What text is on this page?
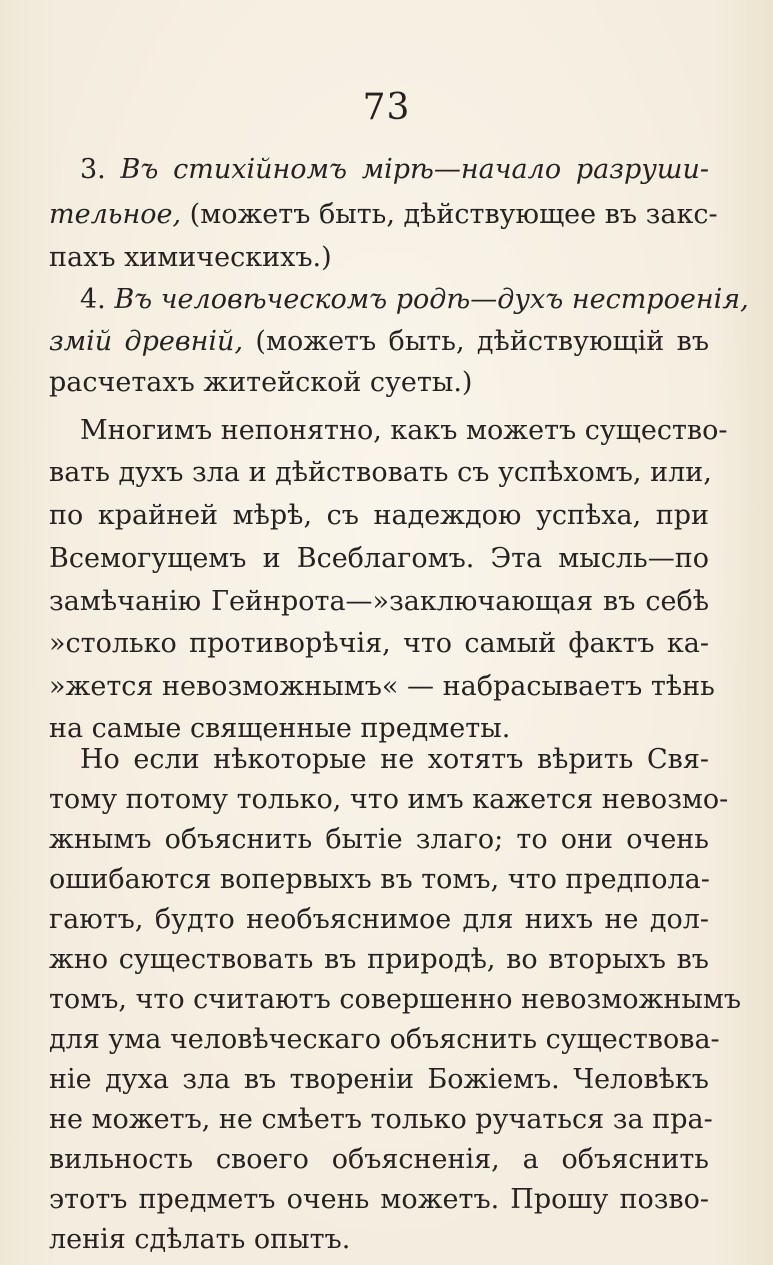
73
3. Въ стихійномъ мірѣ—начало разруши-
тельное, (можетъ быть, дѣйствующее въ закс-
пахъ химическихъ.)
4. Въ человѣческомъ родѣ—духъ нестроенія,
змій древній, (можетъ быть, дѣйствующій въ
расчетахъ житейской суеты.)
Многимъ непонятно, какъ можетъ существо-
вать духъ зла и дѣйствовать съ успѣхомъ, или,
по крайней мѣрѣ, съ надеждою успѣха, при
Всемогущемъ и Всеблагомъ. Эта мысль—по
замѣчанію Гейнрота—»заключающая въ себѣ
»столько противорѣчія, что самый фактъ ка-
»жется невозможнымъ« — набрасываетъ тѣнь
на самые священные предметы.
Но если нѣкоторые не хотятъ вѣрить Свя-
тому потому только, что имъ кажется невозмо-
жнымъ объяснить бытіе злаго; то они очень
ошибаются вопервыхъ въ томъ, что предпола-
гаютъ, будто необъяснимое для нихъ не дол-
жно существовать въ природѣ, во вторыхъ въ
томъ, что считаютъ совершенно невозможнымъ
для ума человѣческаго объяснить существова-
ніе духа зла въ твореніи Божіемъ. Человѣкъ
не можетъ, не смѣетъ только ручаться за пра-
вильность своего объясненія, а объяснить
этотъ предметъ очень можетъ. Прошу позво-
ленія сдѣлать опытъ.
